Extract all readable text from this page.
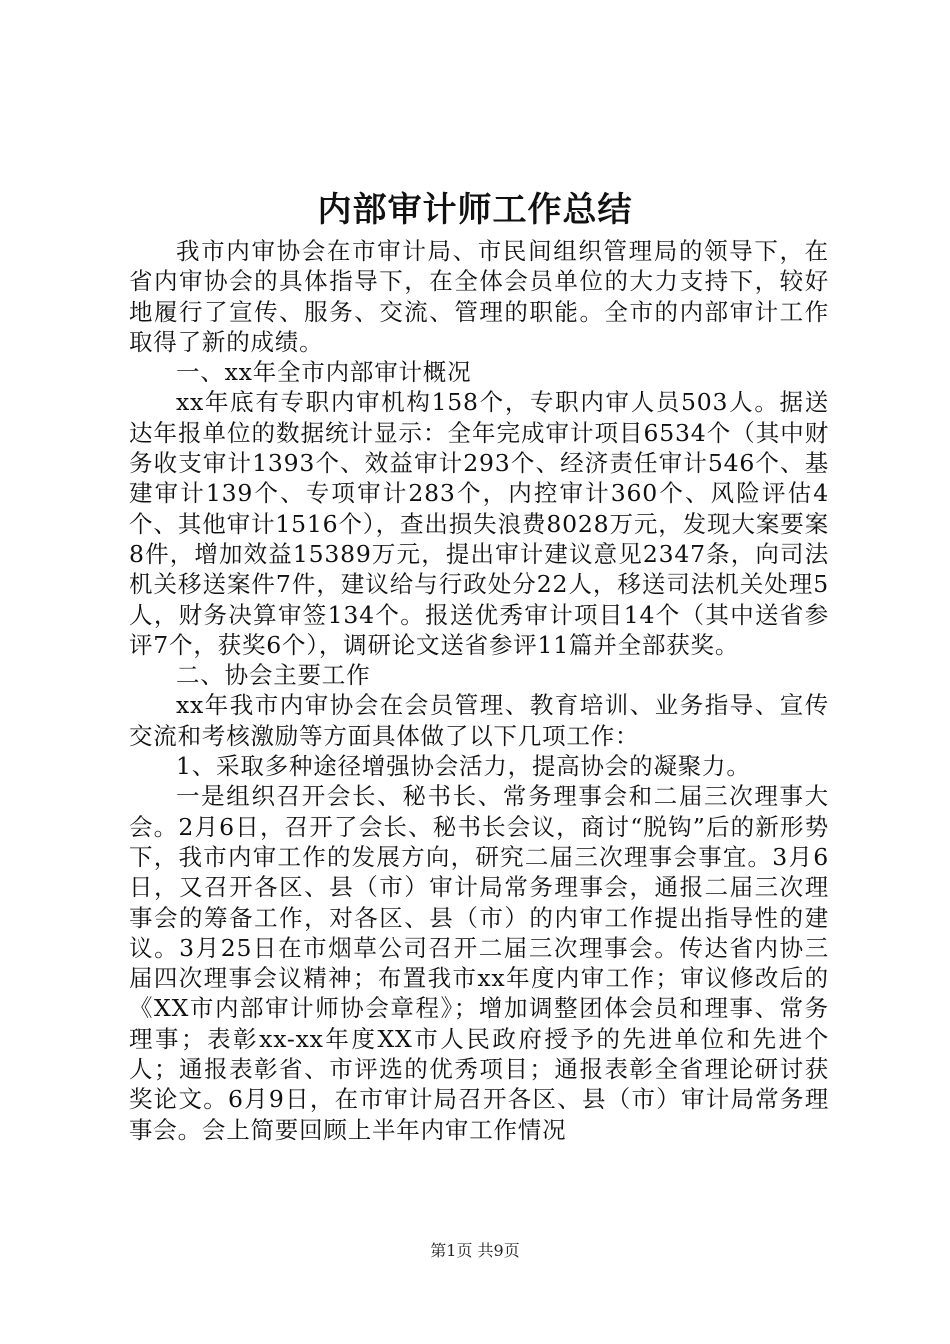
内部审计师工作总结

我市内审协会在市审计局、市民间组织管理局的领导下，在省内审协会的具体指导下，在全体会员单位的大力支持下，较好地履行了宣传、服务、交流、管理的职能。全市的内部审计工作取得了新的成绩。

一、xx年全市内部审计概况

xx年底有专职内审机构158个，专职内审人员503人。据送达年报单位的数据统计显示：全年完成审计项目6534个（其中财务收支审计1393个、效益审计293个、经济责任审计546个、基建审计139个、专项审计283个，内控审计360个、风险评估4个、其他审计1516个），查出损失浪费8028万元，发现大案要案8件，增加效益15389万元，提出审计建议意见2347条，向司法机关移送案件7件，建议给与行政处分22人，移送司法机关处理5人，财务决算审签134个。报送优秀审计项目14个（其中送省参评7个，获奖6个），调研论文送省参评11篇并全部获奖。

二、协会主要工作

xx年我市内审协会在会员管理、教育培训、业务指导、宣传交流和考核激励等方面具体做了以下几项工作：

1、采取多种途径增强协会活力，提高协会的凝聚力。

一是组织召开会长、秘书长、常务理事会和二届三次理事大会。2月6日，召开了会长、秘书长会议，商讨“脱钩”后的新形势下，我市内审工作的发展方向，研究二届三次理事会事宜。3月6日，又召开各区、县（市）审计局常务理事会，通报二届三次理事会的筹备工作，对各区、县（市）的内审工作提出指导性的建议。3月25日在市烟草公司召开二届三次理事会。传达省内协三届四次理事会议精神；布置我市xx年度内审工作；审议修改后的《XX市内部审计师协会章程》；增加调整团体会员和理事、常务理事；表彰xx-xx年度XX市人民政府授予的先进单位和先进个人；通报表彰省、市评选的优秀项目；通报表彰全省理论研讨获奖论文。6月9日，在市审计局召开各区、县（市）审计局常务理事会。会上简要回顾上半年内审工作情况

第1页 共9页
